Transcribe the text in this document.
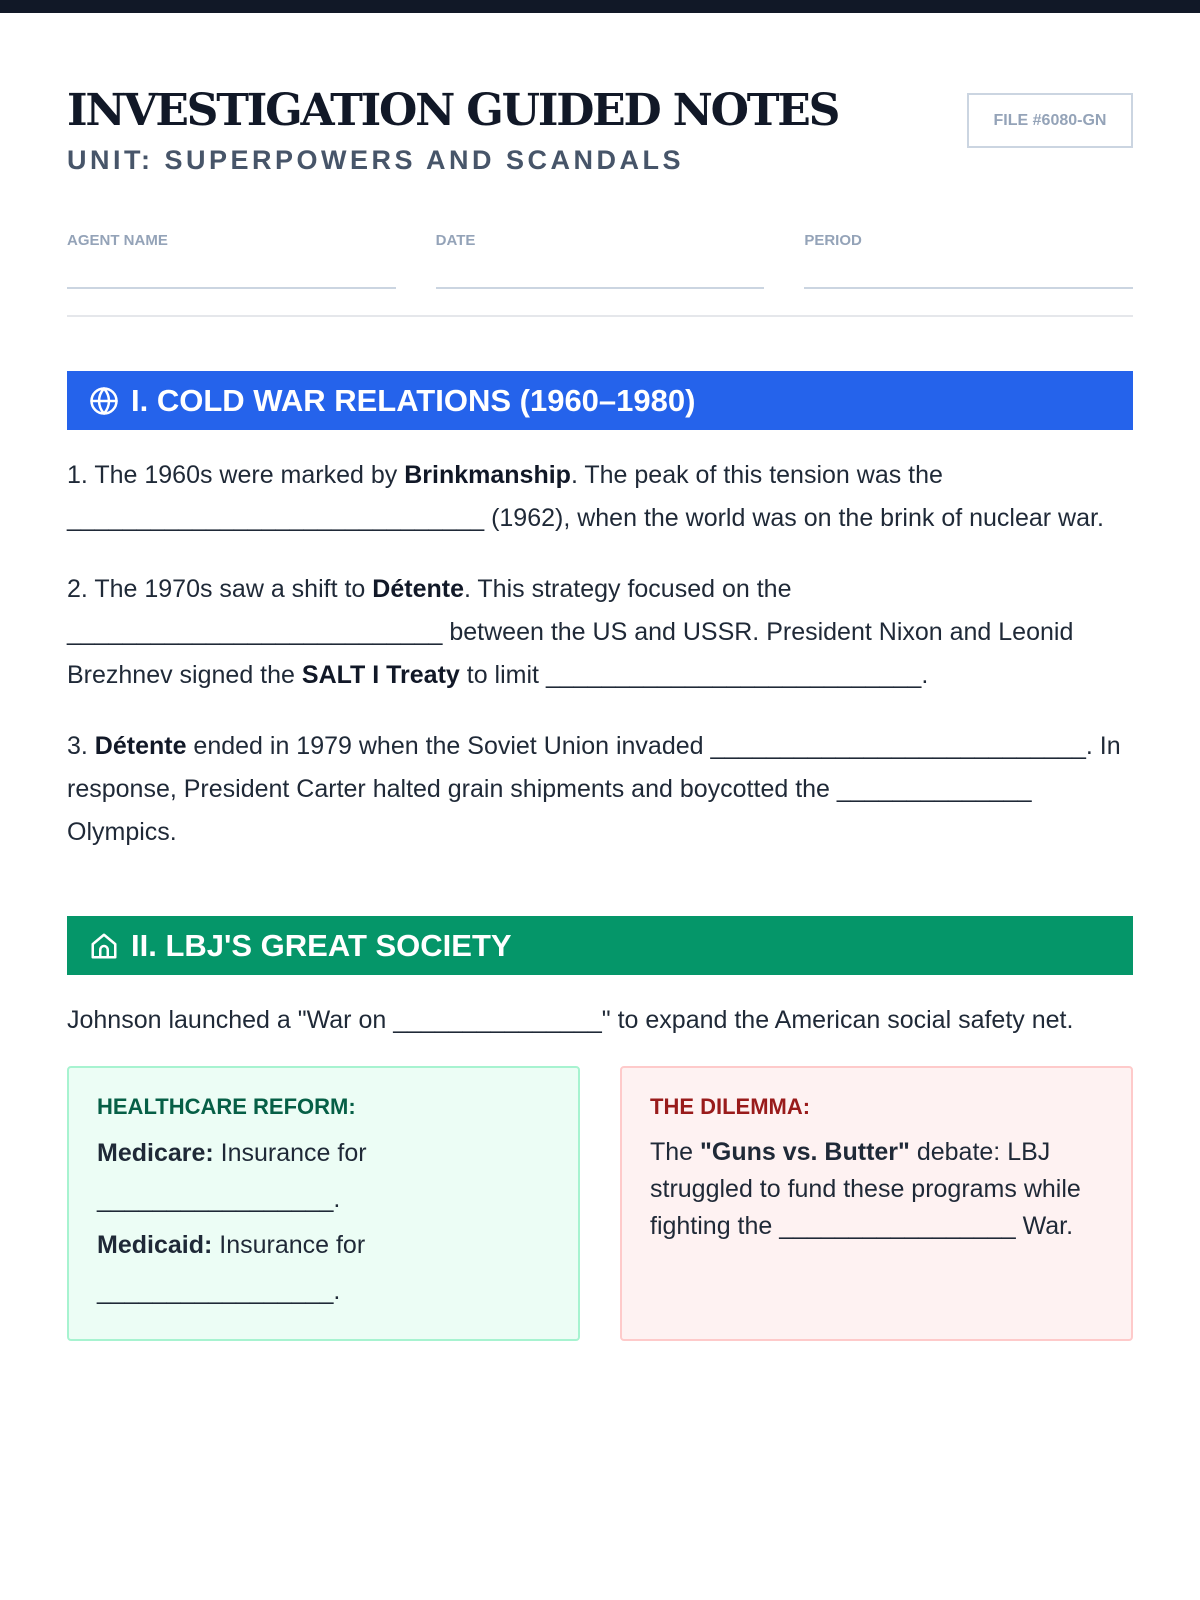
INVESTIGATION GUIDED NOTES
UNIT: SUPERPOWERS AND SCANDALS
FILE #6080-GN
AGENT NAME	DATE	PERIOD
I. COLD WAR RELATIONS (1960–1980)
1. The 1960s were marked by Brinkmanship. The peak of this tension was the ______________________________ (1962), when the world was on the brink of nuclear war.
2. The 1970s saw a shift to Détente. This strategy focused on the ___________________________ between the US and USSR. President Nixon and Leonid Brezhnev signed the SALT I Treaty to limit ___________________________.
3. Détente ended in 1979 when the Soviet Union invaded ___________________________. In response, President Carter halted grain shipments and boycotted the ______________ Olympics.
II. LBJ'S GREAT SOCIETY
Johnson launched a "War on _______________" to expand the American social safety net.
HEALTHCARE REFORM:
Medicare: Insurance for
_________________.
Medicaid: Insurance for
_________________.
THE DILEMMA:
The "Guns vs. Butter" debate: LBJ struggled to fund these programs while fighting the _________________ War.
